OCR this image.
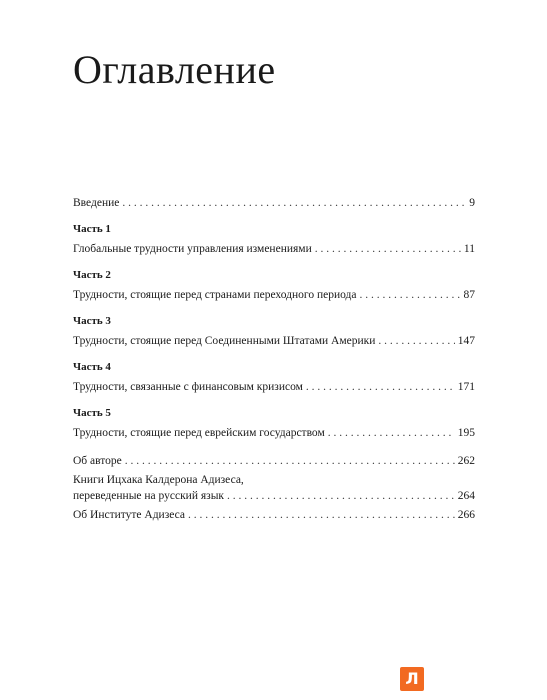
Оглавление
Введение . . .	9
Часть 1
Глобальные трудности управления изменениями . . .	11
Часть 2
Трудности, стоящие перед странами переходного периода . . .	87
Часть 3
Трудности, стоящие перед Соединенными Штатами Америки . . .	147
Часть 4
Трудности, связанные с финансовым кризисом . . .	171
Часть 5
Трудности, стоящие перед еврейским государством . . .	195
Об авторе . . .	262
Книги Ицхака Калдерона Адизеса,
переведенные на русский язык . . .	264
Об Институте Адизеса . . .	266
Л
